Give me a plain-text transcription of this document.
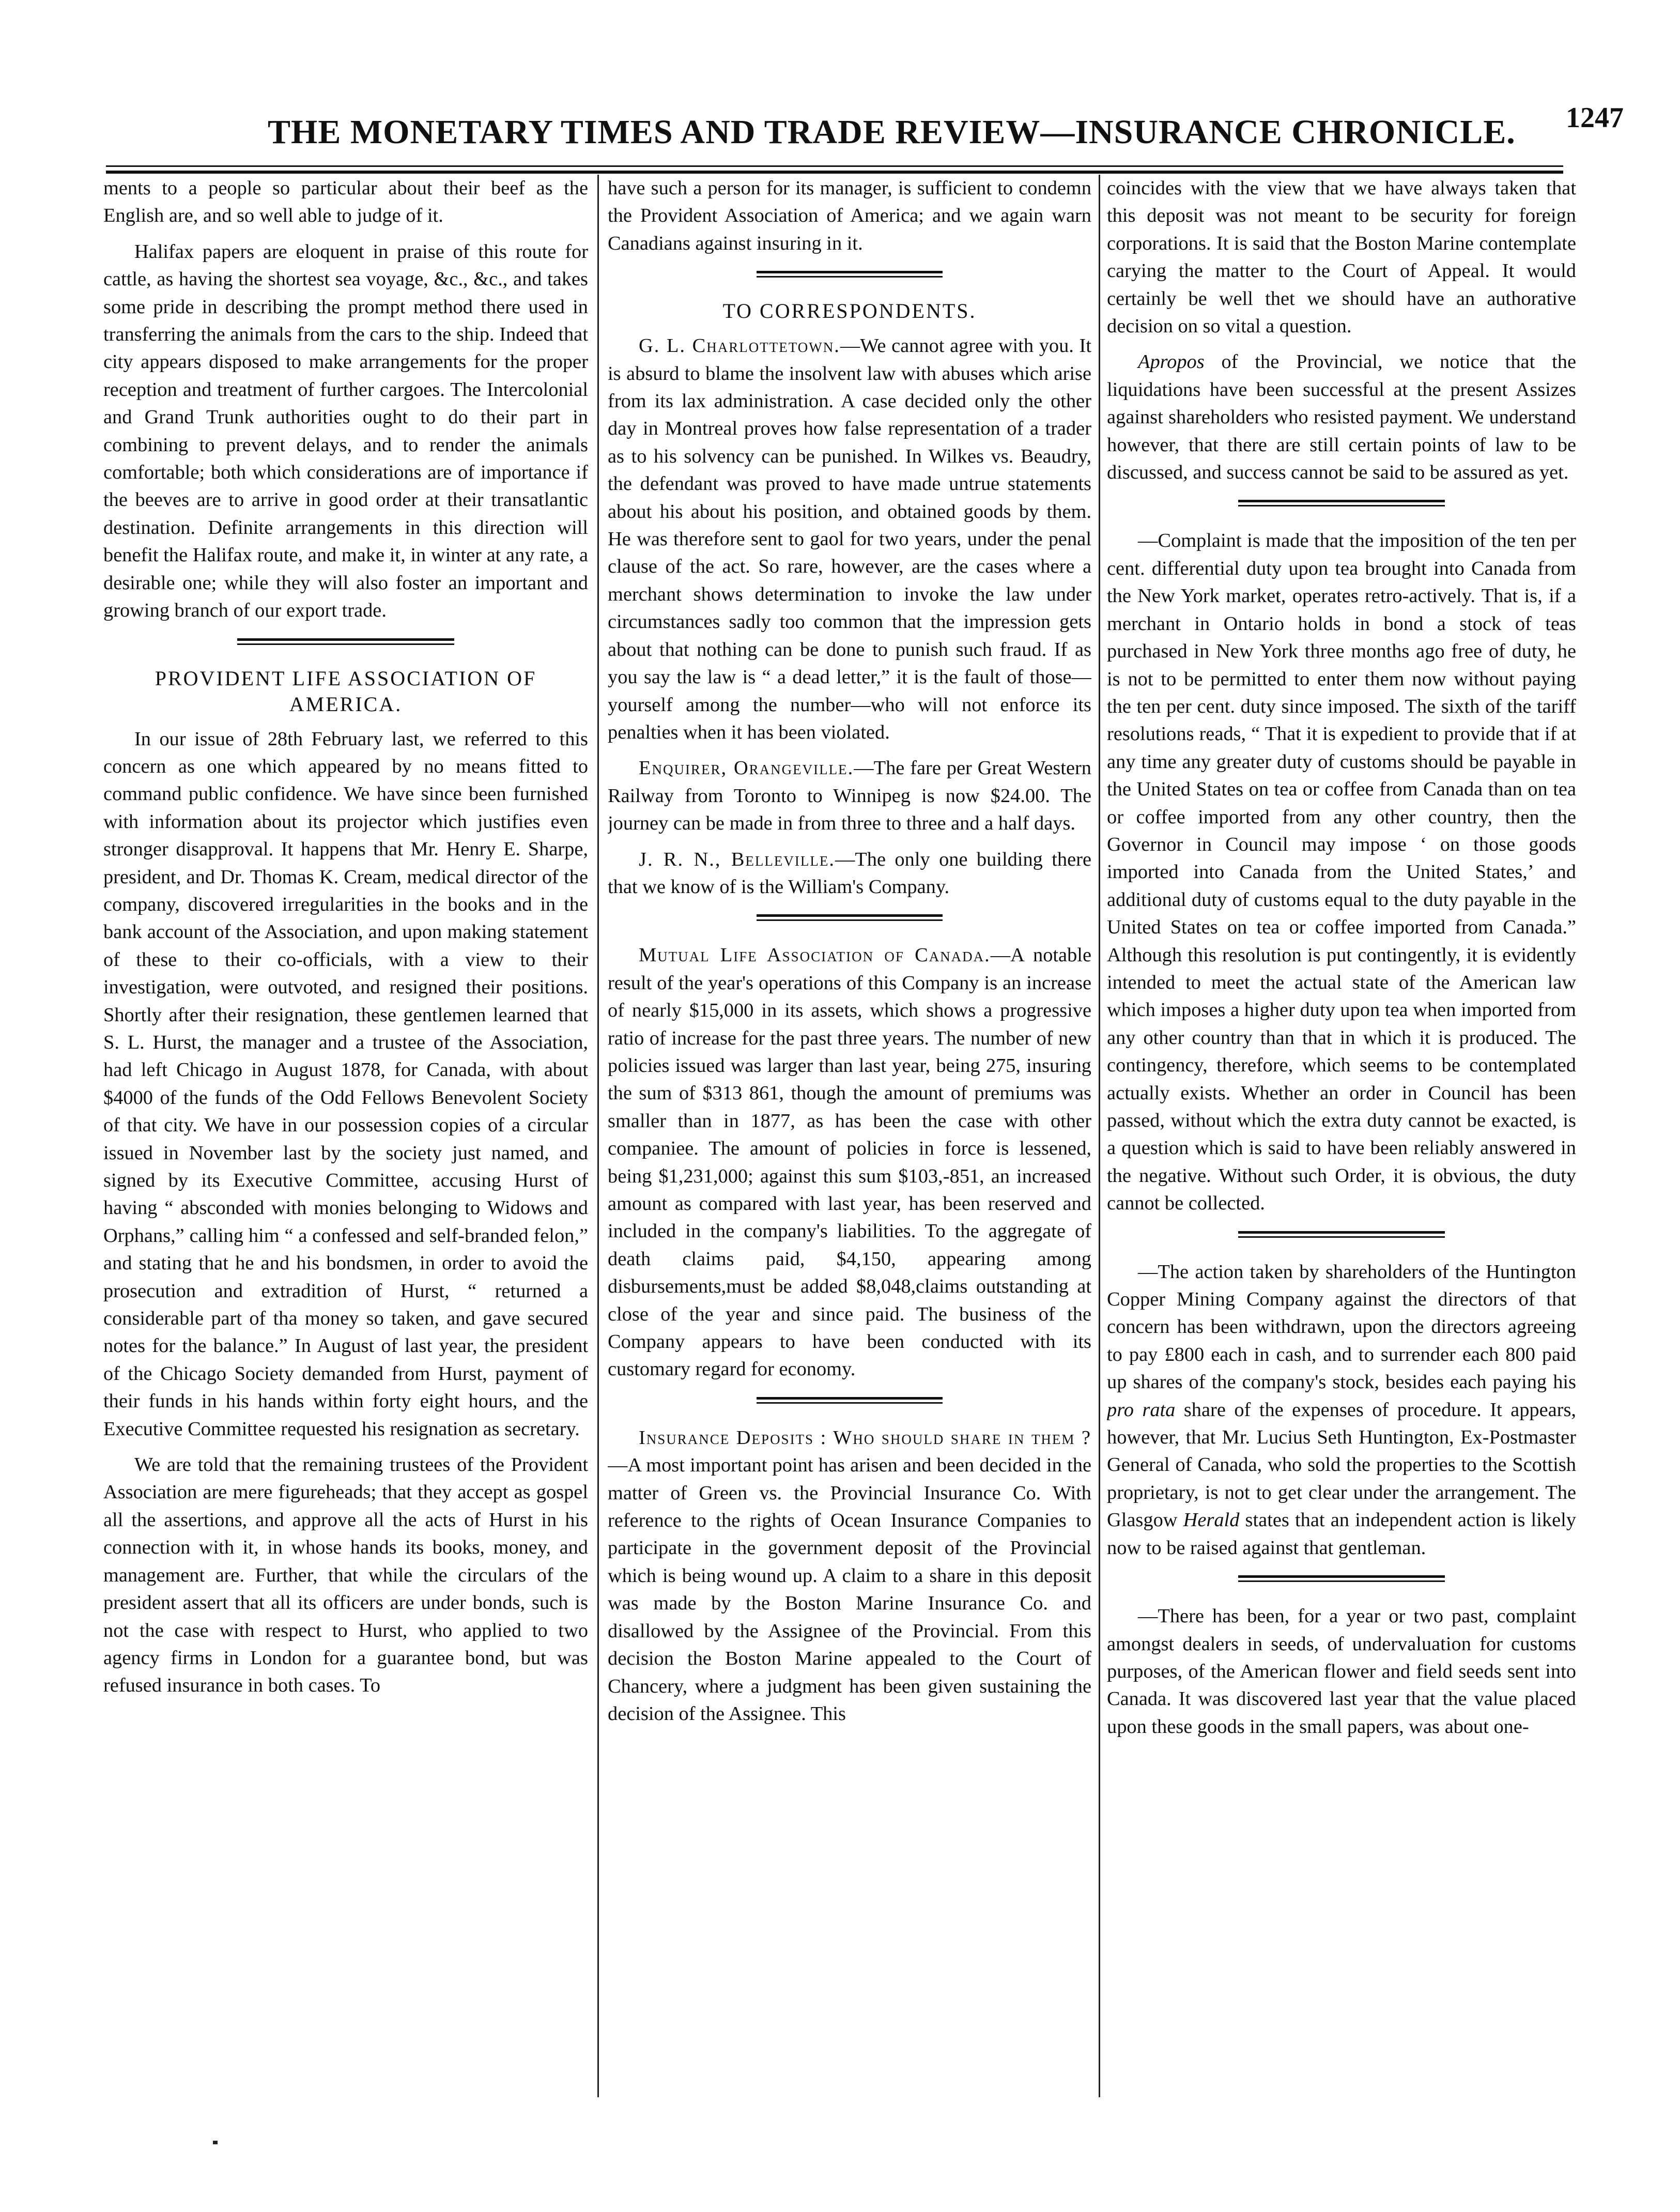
THE MONETARY TIMES AND TRADE REVIEW—INSURANCE CHRONICLE. 1247

ments to a people so particular about their beef as the English are, and so well able to judge of it.

Halifax papers are eloquent in praise of this route for cattle, as having the shortest sea voyage, &c., &c., and takes some pride in describing the prompt method there used in transferring the animals from the cars to the ship. Indeed that city appears disposed to make arrangements for the proper reception and treatment of further cargoes. The Intercolonial and Grand Trunk authorities ought to do their part in combining to prevent delays, and to render the animals comfortable; both which considerations are of importance if the beeves are to arrive in good order at their transatlantic destination. Definite arrangements in this direction will benefit the Halifax route, and make it, in winter at any rate, a desirable one; while they will also foster an important and growing branch of our export trade.

PROVIDENT LIFE ASSOCIATION OF AMERICA.

In our issue of 28th February last, we referred to this concern as one which appeared by no means fitted to command public confidence. We have since been furnished with information about its projector which justifies even stronger disapproval. It happens that Mr. Henry E. Sharpe, president, and Dr. Thomas K. Cream, medical director of the company, discovered irregularities in the books and in the bank account of the Association, and upon making statement of these to their co-officials, with a view to their investigation, were outvoted, and resigned their positions. Shortly after their resignation, these gentlemen learned that S. L. Hurst, the manager and a trustee of the Association, had left Chicago in August 1878, for Canada, with about $4000 of the funds of the Odd Fellows Benevolent Society of that city. We have in our possession copies of a circular issued in November last by the society just named, and signed by its Executive Committee, accusing Hurst of having “ absconded with monies belonging to Widows and Orphans,” calling him “ a confessed and self-branded felon,” and stating that he and his bondsmen, in order to avoid the prosecution and extradition of Hurst, “ returned a considerable part of tha money so taken, and gave secured notes for the balance.” In August of last year, the president of the Chicago Society demanded from Hurst, payment of their funds in his hands within forty eight hours, and the Executive Committee requested his resignation as secretary.

We are told that the remaining trustees of the Provident Association are mere figureheads; that they accept as gospel all the assertions, and approve all the acts of Hurst in his connection with it, in whose hands its books, money, and management are. Further, that while the circulars of the president assert that all its officers are under bonds, such is not the case with respect to Hurst, who applied to two agency firms in London for a guarantee bond, but was refused insurance in both cases. To

have such a person for its manager, is sufficient to condemn the Provident Association of America; and we again warn Canadians against insuring in it.

TO CORRESPONDENTS.

G. L. Charlottetown.—We cannot agree with you. It is absurd to blame the insolvent law with abuses which arise from its lax administration. A case decided only the other day in Montreal proves how false representation of a trader as to his solvency can be punished. In Wilkes vs. Beaudry, the defendant was proved to have made untrue statements about his about his position, and obtained goods by them. He was therefore sent to gaol for two years, under the penal clause of the act. So rare, however, are the cases where a merchant shows determination to invoke the law under circumstances sadly too common that the impression gets about that nothing can be done to punish such fraud. If as you say the law is “ a dead letter,” it is the fault of those—yourself among the number—who will not enforce its penalties when it has been violated.

Enquirer, Orangeville.—The fare per Great Western Railway from Toronto to Winnipeg is now $24.00. The journey can be made in from three to three and a half days.

J. R. N., Belleville.—The only one building there that we know of is the William's Company.

Mutual Life Association of Canada.—A notable result of the year's operations of this Company is an increase of nearly $15,000 in its assets, which shows a progressive ratio of increase for the past three years. The number of new policies issued was larger than last year, being 275, insuring the sum of $313 861, though the amount of premiums was smaller than in 1877, as has been the case with other companiee. The amount of policies in force is lessened, being $1,231,000; against this sum $103,-851, an increased amount as compared with last year, has been reserved and included in the company's liabilities. To the aggregate of death claims paid, $4,150, appearing among disbursements,must be added $8,048,claims outstanding at close of the year and since paid. The business of the Company appears to have been conducted with its customary regard for economy.

Insurance Deposits : Who should share in them ?—A most important point has arisen and been decided in the matter of Green vs. the Provincial Insurance Co. With reference to the rights of Ocean Insurance Companies to participate in the government deposit of the Provincial which is being wound up. A claim to a share in this deposit was made by the Boston Marine Insurance Co. and disallowed by the Assignee of the Provincial. From this decision the Boston Marine appealed to the Court of Chancery, where a judgment has been given sustaining the decision of the Assignee. This

coincides with the view that we have always taken that this deposit was not meant to be security for foreign corporations. It is said that the Boston Marine contemplate carying the matter to the Court of Appeal. It would certainly be well thet we should have an authorative decision on so vital a question.

Apropos of the Provincial, we notice that the liquidations have been successful at the present Assizes against shareholders who resisted payment. We understand however, that there are still certain points of law to be discussed, and success cannot be said to be assured as yet.

—Complaint is made that the imposition of the ten per cent. differential duty upon tea brought into Canada from the New York market, operates retro-actively. That is, if a merchant in Ontario holds in bond a stock of teas purchased in New York three months ago free of duty, he is not to be permitted to enter them now without paying the ten per cent. duty since imposed. The sixth of the tariff resolutions reads, “ That it is expedient to provide that if at any time any greater duty of customs should be payable in the United States on tea or coffee from Canada than on tea or coffee imported from any other country, then the Governor in Council may impose ‘ on those goods imported into Canada from the United States,’ and additional duty of customs equal to the duty payable in the United States on tea or coffee imported from Canada.” Although this resolution is put contingently, it is evidently intended to meet the actual state of the American law which imposes a higher duty upon tea when imported from any other country than that in which it is produced. The contingency, therefore, which seems to be contemplated actually exists. Whether an order in Council has been passed, without which the extra duty cannot be exacted, is a question which is said to have been reliably answered in the negative. Without such Order, it is obvious, the duty cannot be collected.

—The action taken by shareholders of the Huntington Copper Mining Company against the directors of that concern has been withdrawn, upon the directors agreeing to pay £800 each in cash, and to surrender each 800 paid up shares of the company's stock, besides each paying his pro rata share of the expenses of procedure. It appears, however, that Mr. Lucius Seth Huntington, Ex-Postmaster General of Canada, who sold the properties to the Scottish proprietary, is not to get clear under the arrangement. The Glasgow Herald states that an independent action is likely now to be raised against that gentleman.

—There has been, for a year or two past, complaint amongst dealers in seeds, of undervaluation for customs purposes, of the American flower and field seeds sent into Canada. It was discovered last year that the value placed upon these goods in the small papers, was about one-
